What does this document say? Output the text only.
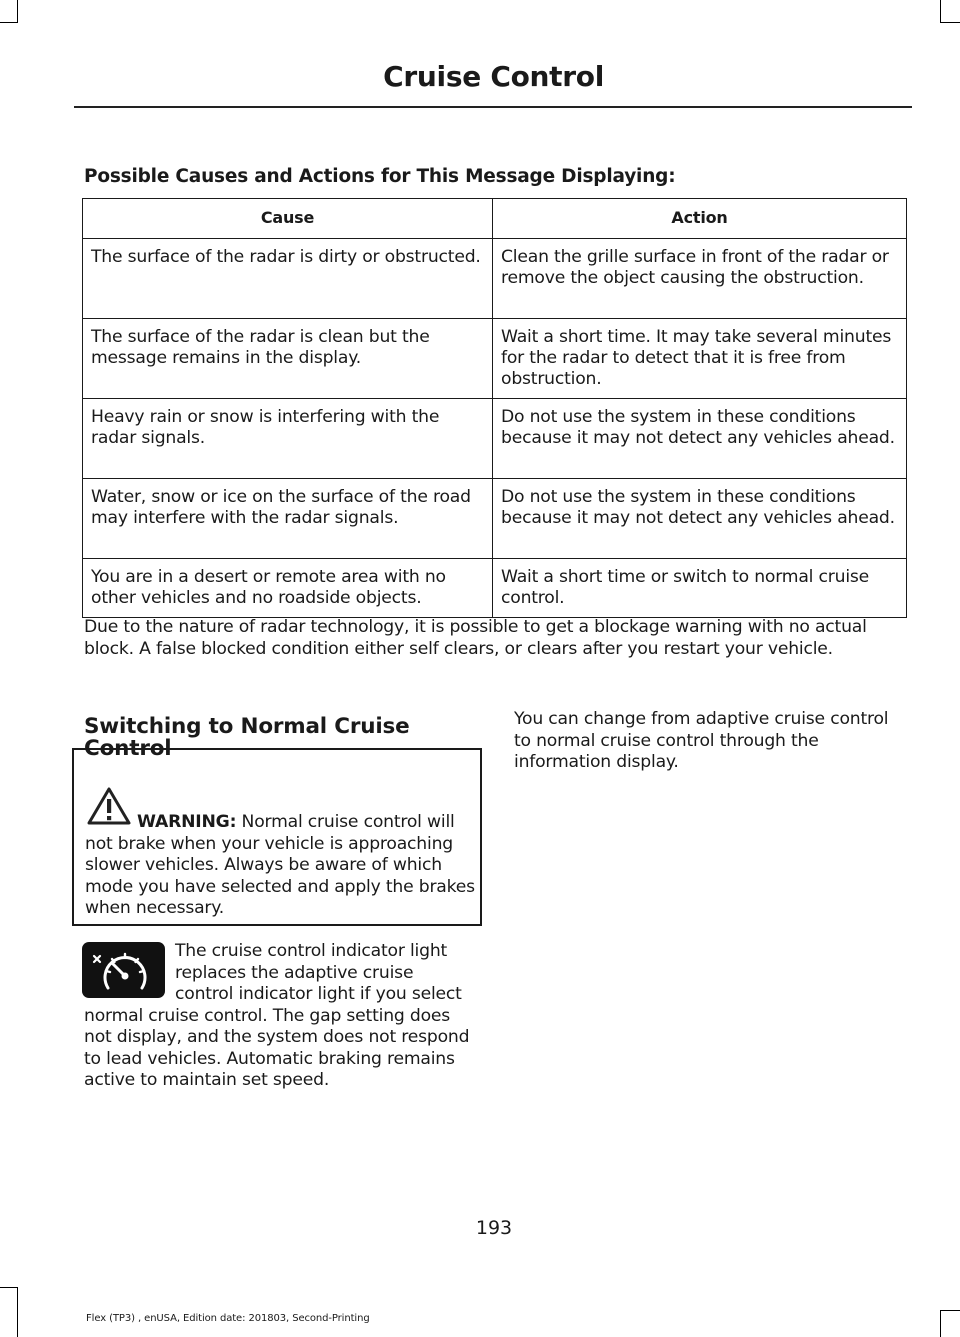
Cruise Control
Possible Causes and Actions for This Message Displaying:
Cause	Action
The surface of the radar is dirty or obstructed.	Clean the grille surface in front of the radar or remove the object causing the obstruction.
The surface of the radar is clean but the message remains in the display.	Wait a short time. It may take several minutes for the radar to detect that it is free from obstruction.
Heavy rain or snow is interfering with the radar signals.	Do not use the system in these conditions because it may not detect any vehicles ahead.
Water, snow or ice on the surface of the road may interfere with the radar signals.	Do not use the system in these conditions because it may not detect any vehicles ahead.
You are in a desert or remote area with no other vehicles and no roadside objects.	Wait a short time or switch to normal cruise control.
Due to the nature of radar technology, it is possible to get a blockage warning with no actual block. A false blocked condition either self clears, or clears after you restart your vehicle.
Switching to Normal Cruise Control
WARNING: Normal cruise control will not brake when your vehicle is approaching slower vehicles. Always be aware of which mode you have selected and apply the brakes when necessary.
The cruise control indicator light replaces the adaptive cruise control indicator light if you select normal cruise control. The gap setting does not display, and the system does not respond to lead vehicles. Automatic braking remains active to maintain set speed.
You can change from adaptive cruise control to normal cruise control through the information display.
193
Flex (TP3) , enUSA, Edition date: 201803, Second-Printing
